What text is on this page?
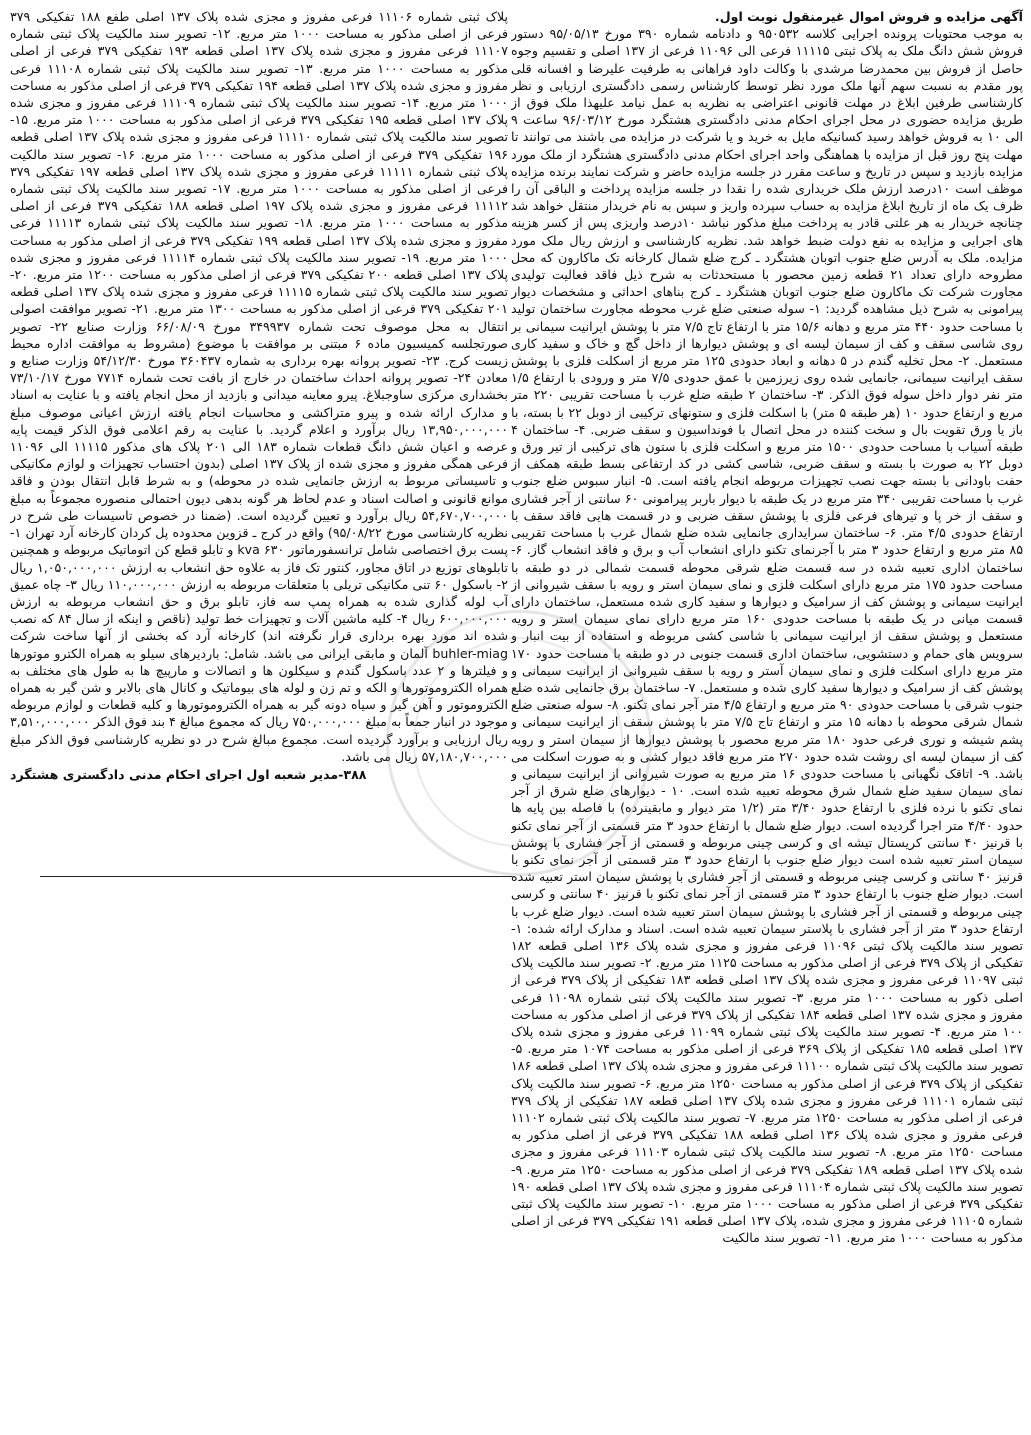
آگهی مزایده و فروش اموال غیرمنقول نوبت اول.
به موجب محتویات پرونده اجرایی کلاسه ۹۵۰۵۳۲ و دادنامه شماره ۳۹۰ مورخ ۹۵/۰۵/۱۳ دستور فروش شش دانگ ملک به پلاک ثبتی ۱۱۱۱۵ فرعی الی ۱۱۰۹۶ فرعی از ۱۳۷ اصلی و تقسیم وجوه حاصل از فروش بین محمدرضا مرشدی با وکالت داود فراهانی به طرفیت علیرضا و افسانه قلی پور مقدم به نسبت سهم آنها ملک مورد نظر توسط کارشناس رسمی دادگستری ارزیابی و نظر کارشناسی طرفین ابلاغ در مهلت قانونی اعتراضی به نظریه به عمل نیامد علیهذا ملک فوق از طریق مزایده حضوری در محل اجرای احکام مدنی دادگستری هشتگرد مورخ ۹۶/۰۳/۱۲ ساعت ۹ الی ۱۰ به فروش خواهد رسید کسانیکه مایل به خرید و یا شرکت در مزایده می باشند می توانند تا مهلت پنج روز قبل از مزایده با هماهنگی واحد اجرای احکام مدنی دادگستری هشتگرد از ملک مورد مزایده بازدید و سپس در تاریخ و ساعت مقرر در جلسه مزایده حاضر و شرکت نمایند برنده مزایده موظف است ۱۰درصد ارزش ملک خریداری شده را نقدا در جلسه مزایده پرداخت و الباقی آن را ظرف یک ماه از تاریخ ابلاغ مزایده به حساب سپرده واریز و سپس به نام خریدار منتقل خواهد شد چنانچه خریدار به هر علتی قادر به پرداخت مبلغ مذکور نباشد ۱۰درصد واریزی پس از کسر هزینه های اجرایی و مزایده به نفع دولت ضبط خواهد شد. نظریه کارشناسی و ارزش ریال ملک مورد مزایده. ملک به آدرس ضلع جنوب اتوبان هشتگرد ـ کرج ضلع شمال کارخانه تک ماکارون که محل مطروحه دارای تعداد ۲۱ قطعه زمین محصور با مستحدثات به شرح ذیل فاقد فعالیت تولیدی مجاورت شرکت تک ماکارون ضلع جنوب اتوبان هشتگرد ـ کرج بناهای احداثی و مشخصات دیوار پیرامونی به شرح ذیل مشاهده گردید: ۱- سوله صنعتی ضلع غرب محوطه مجاورت ساختمان تولید با مساحت حدود ۴۴۰ متر مربع و دهانه ۱۵/۶ متر با ارتفاع تاج ۷/۵ متر با پوشش ایرانیت سیمانی بر روی شاسی سقف و کف از سیمان لیسه ای و پوشش دیوارها از داخل گچ و خاک و سفید کاری مستعمل. ۲- محل تخلیه گندم در ۵ دهانه و ابعاد حدودی ۱۲۵ متر مربع از اسکلت فلزی با پوشش سقف ایرانیت سیمانی، جانمایی شده روی زیرزمین با عمق حدودی ۷/۵ متر و ورودی با ارتفاع ۱/۵ متر نفر دوار داخل سوله فوق الذکر. ۳- ساختمان ۲ طبقه ضلع غرب با مساحت تقریبی ۲۲۰ متر مربع و ارتفاع حدود ۱۰ (هر طبقه ۵ متر) با اسکلت فلزی و ستونهای ترکیبی از دوبل ۲۲ با بسته، با باز یا ورق تقویت بال و سخت کننده در محل اتصال با فونداسیون و سقف ضربی. ۴- ساختمان ۴ طبقه آسیاب با مساحت حدودی ۱۵۰۰ متر مربع و اسکلت فلزی با ستون های ترکیبی از تیر ورق و دوبل ۲۲ به صورت با بسته و سقف ضربی، شاسی کشی در کد ارتفاعی بسط طبقه همکف از حفت باودانی با بسته جهت نصب تجهیزات مربوطه انجام یافته است. ۵- انبار سبوس ضلع جنوب غرب با مساحت تقریبی ۳۴۰ متر مربع در یک طبقه با دیوار باربر پیرامونی ۶۰ سانتی از آجر فشاری و سقف از خر پا و تیرهای فرعی فلزی با پوشش سقف ضربی و در قسمت هایی فاقد سقف با ارتفاع حدودی ۴/۵ متر. ۶- ساختمان سرایداری جانمایی شده ضلع شمال غرب با مساحت تقریبی ۸۵ متر مربع و ارتفاع حدود ۳ متر با آجرنمای تکنو دارای انشعاب آب و برق و فاقد انشعاب گاز. ۶- ساختمان اداری تعبیه شده در سه قسمت ضلع شرقی محوطه قسمت شمالی در دو طبقه با مساحت حدود ۱۷۵ متر مربع دارای اسکلت فلزی و نمای سیمان استر و رویه با سقف شیروانی از ایرانیت سیمانی و پوشش کف از سرامیک و دیوارها و سفید کاری شده مستعمل، ساختمان دارای قسمت میانی در یک طبقه با مساحت حدودی ۱۶۰ متر مربع دارای نمای سیمان استر و رویه مستعمل و پوشش سقف از ایرانیت سیمانی با شاسی کشی مربوطه و استفاده از بیت انبار و سرویس های حمام و دستشویی، ساختمان اداری قسمت جنوبی در دو طبقه با مساحت حدود ۱۷۰ متر مربع دارای اسکلت فلزی و نمای سیمان آستر و رویه با سقف شیروانی از ایرانیت سیمانی و پوشش کف از سرامیک و دیوارها سفید کاری شده و مستعمل. ۷- ساختمان برق جانمایی شده ضلع جنوب شرقی با مساحت حدودی ۹۰ متر مربع و ارتفاع ۴/۵ متر آجر نمای تکنو. ۸- سوله صنعتی ضلع شمال شرقی محوطه با دهانه ۱۵ متر و ارتفاع تاج ۷/۵ متر با پوشش سقف از ایرانیت سیمانی و پشم شیشه و نوری فرعی حدود ۱۸۰ متر مربع محصور با پوشش دیوارها از سیمان استر و رویه کف از سیمان لیسه ای روشت شده حدود ۲۷۰ متر مربع فاقد دیوار کشی و به صورت اسکلت می باشد. ۹- اتاقک نگهبانی با مساحت حدودی ۱۶ متر مربع به صورت شیروانی از ایرانیت سیمانی و نمای سیمان سفید ضلع شمال شرق محوطه تعبیه شده است. ۱۰ - دیوارهای ضلع شرق از آجر نمای تکنو با نرده فلزی با ارتفاع حدود ۳/۴۰ متر (۱/۲ متر دیوار و مابقینرده) با فاصله بین پایه ها حدود ۴/۴۰ متر اجرا گردیده است. دیوار ضلع شمال با ارتفاع حدود ۳ متر قسمتی از آجر نمای تکنو با قرنیز ۴۰ سانتی کریستال تیشه ای و کرسی چینی مربوطه و قسمتی از آجر فشاری با پوشش سیمان استر تعبیه شده است دیوار ضلع جنوب با ارتفاع حدود ۳ متر قسمتی از آجر نمای تکنو با قرنیز ۴۰ سانتی و کرسی چینی مربوطه و قسمتی از آجر فشاری با پوشش سیمان استر تعبیه شده است. دیوار ضلع جنوب با ارتفاع حدود ۳ متر قسمتی از آجر نمای تکنو با قرنیز ۴۰ سانتی و کرسی چینی مربوطه و قسمتی از آجر فشاری با پوشش سیمان استر تعبیه شده است. دیوار ضلع غرب با ارتفاع حدود ۳ متر از آجر فشاری با پلاستر سیمان تعبیه شده است. اسناد و مدارک ارائه شده: ۱- تصویر سند مالکیت پلاک ثبتی ۱۱۰۹۶ فرعی مفروز و مجزی شده پلاک ۱۳۶ اصلی قطعه ۱۸۲ تفکیکی از پلاک ۳۷۹ فرعی از اصلی مذکور به مساحت ۱۱۲۵ متر مربع. ۲- تصویر سند مالکیت پلاک ثبتی ۱۱۰۹۷ فرعی مفروز و مجزی شده پلاک ۱۳۷ اصلی قطعه ۱۸۳ تفکیکی از پلاک ۳۷۹ فرعی از اصلی ذکور به مساحت ۱۰۰۰ متر مربع. ۳- تصویر سند مالکیت پلاک ثبتی شماره ۱۱۰۹۸ فرعی مفروز و مجزی شده ۱۳۷ اصلی قطعه ۱۸۴ تفکیکی از پلاک ۳۷۹ فرعی از اصلی مذکور به مساحت ۱۰۰ متر مربع. ۴- تصویر سند مالکیت پلاک ثبتی شماره ۱۱۰۹۹ فرعی مفروز و مجزی شده پلاک ۱۳۷ اصلی قطعه ۱۸۵ تفکیکی از پلاک ۳۶۹ فرعی از اصلی مذکور به مساحت ۱۰۷۴ متر مربع. ۵- تصویر سند مالکیت پلاک ثبتی شماره ۱۱۱۰۰ فرعی مفروز و مجزی شده پلاک ۱۳۷ اصلی قطعه ۱۸۶ تفکیکی از پلاک ۳۷۹ فرعی از اصلی مذکور به مساحت ۱۲۵۰ متر مربع. ۶- تصویر سند مالکیت پلاک ثبتی شماره ۱۱۱۰۱ فرعی مفروز و مجزی شده پلاک ۱۳۷ اصلی قطعه ۱۸۷ تفکیکی از پلاک ۳۷۹ فرعی از اصلی مذکور به مساحت ۱۲۵۰ متر مربع. ۷- تصویر سند مالکیت پلاک ثبتی شماره ۱۱۱۰۲ فرعی مفروز و مجزی شده پلاک ۱۳۶ اصلی قطعه ۱۸۸ تفکیکی ۳۷۹ فرعی از اصلی مذکور به مساحت ۱۲۵۰ متر مربع. ۸- تصویر سند مالکیت پلاک ثبتی شماره ۱۱۱۰۳ فرعی مفروز و مجزی شده پلاک ۱۳۷ اصلی قطعه ۱۸۹ تفکیکی ۳۷۹ فرعی از اصلی مذکور به مساحت ۱۲۵۰ متر مربع. ۹- تصویر سند مالکیت پلاک ثبتی شماره ۱۱۱۰۴ فرعی مفروز و مجزی شده پلاک ۱۳۷ اصلی قطعه ۱۹۰ تفکیکی ۳۷۹ فرعی از اصلی مذکور به مساحت ۱۰۰۰ متر مربع. ۱۰- تصویر سند مالکیت پلاک ثبتی شماره ۱۱۱۰۵ فرعی مفروز و مجزی شده، پلاک ۱۳۷ اصلی قطعه ۱۹۱ تفکیکی ۳۷۹ فرعی از اصلی مذکور به مساحت ۱۰۰۰ متر مربع. ۱۱- تصویر سند مالکیت
پلاک ثبتی شماره ۱۱۱۰۶ فرعی مفروز و مجزی شده پلاک ۱۳۷ اصلی طفع ۱۸۸ تفکیکی ۳۷۹ فرعی از اصلی مذکور به مساحت ۱۰۰۰ متر مربع. ۱۲- تصویر سند مالکیت پلاک ثبتی شماره ۱۱۱۰۷ فرعی مفروز و مجزی شده پلاک ۱۳۷ اصلی قطعه ۱۹۳ تفکیکی ۳۷۹ فرعی از اصلی مذکور به مساحت ۱۰۰۰ متر مربع. ۱۳- تصویر سند مالکیت پلاک ثبتی شماره ۱۱۱۰۸ فرعی مفروز و مجزی شده پلاک ۱۳۷ اصلی قطعه ۱۹۴ تفکیکی ۳۷۹ فرعی از اصلی مذکور به مساحت ۱۰۰۰ متر مربع. ۱۴- تصویر سند مالکیت پلاک ثبتی شماره ۱۱۱۰۹ فرعی مفروز و مجزی شده پلاک ۱۳۷ اصلی قطعه ۱۹۵ تفکیکی ۳۷۹ فرعی از اصلی مذکور به مساحت ۱۰۰۰ متر مربع. ۱۵- تصویر سند مالکیت پلاک ثبتی شماره ۱۱۱۱۰ فرعی مفروز و مجزی شده پلاک ۱۳۷ اصلی قطعه ۱۹۶ تفکیکی ۳۷۹ فرعی از اصلی مذکور به مساحت ۱۰۰۰ متر مربع. ۱۶- تصویر سند مالکیت پلاک ثبتی شماره ۱۱۱۱۱ فرعی مفروز و مجزی شده پلاک ۱۳۷ اصلی قطعه ۱۹۷ تفکیکی ۳۷۹ فرعی از اصلی مذکور به مساحت ۱۰۰۰ متر مربع. ۱۷- تصویر سند مالکیت پلاک ثبتی شماره ۱۱۱۱۲ فرعی مفروز و مجزی شده پلاک ۱۹۷ اصلی قطعه ۱۸۸ تفکیکی ۳۷۹ فرعی از اصلی مذکور به مساحت ۱۰۰۰ متر مربع. ۱۸- تصویر سند مالکیت پلاک ثبتی شماره ۱۱۱۱۳ فرعی مفروز و مجزی شده پلاک ۱۳۷ اصلی قطعه ۱۹۹ تفکیکی ۳۷۹ فرعی از اصلی مذکور به مساحت ۱۰۰۰ متر مربع. ۱۹- تصویر سند مالکیت پلاک ثبتی شماره ۱۱۱۱۴ فرعی مفروز و مجزی شده پلاک ۱۳۷ اصلی قطعه ۲۰۰ تفکیکی ۳۷۹ فرعی از اصلی مذکور به مساحت ۱۲۰۰ متر مربع. ۲۰- تصویر سند مالکیت پلاک ثبتی شماره ۱۱۱۱۵ فرعی مفروز و مجزی شده پلاک ۱۳۷ اصلی قطعه ۲۰۱ تفکیکی ۳۷۹ فرعی از اصلی مذکور به مساحت ۱۳۰۰ متر مربع. ۲۱- تصویر موافقت اصولی انتقال به محل موصوف تحت شماره ۳۴۹۹۳۷ مورخ ۶۶/۰۸/۰۹ وزارت صنایع ۲۲- تصویر صورتجلسه کمیسیون ماده ۶ مبتنی بر موافقت با موضوع (مشروط به موافقت اداره محیط زیست کرج. ۲۳- تصویر پروانه بهره برداری به شماره ۳۶۰۴۳۷ مورخ ۵۴/۱۲/۳۰ وزارت صنایع و معادن ۲۴- تصویر پروانه احداث ساختمان در خارج از بافت تحت شماره ۷۷۱۴ مورخ ۷۳/۱۰/۱۷ بخشداری مرکزی ساوجبلاغ. پیرو معاینه میدانی و بازدید از محل انجام یافته و با عنایت به اسناد و مدارک ارائه شده و پیرو متراکشی و محاسبات انجام یافته ارزش اعیانی موصوف مبلغ ۱۳,۹۵۰,۰۰۰,۰۰۰ ریال برآورد و اعلام گردید. با عنایت به رقم اعلامی فوق الذکر قیمت پایه عرصه و اعیان شش دانگ قطعات شماره ۱۸۳ الی ۲۰۱ پلاک های مذکور ۱۱۱۱۵ الی ۱۱۰۹۶ فرعی همگی مفروز و مجزی شده از پلاک ۱۳۷ اصلی (بدون احتساب تجهیزات و لوازم مکانیکی و تاسیساتی مربوط به ارزش جانمایی شده در محوطه) و به شرط قابل انتقال بودن و فاقد موانع قانونی و اصالت اسناد و عدم لحاظ هر گونه بدهی دیون احتمالی منصوره مجموعاً به مبلغ ۵۴,۶۷۰,۷۰۰,۰۰۰ ریال برآورد و تعیین گردیده است. (ضمنا در خصوص تاسیسات طی شرح در نظریه کارشناسی مورخ ۹۵/۰۸/۲۲) واقع در کرج ـ قزوین محدوده پل کردان کارخانه آرد تهران ۱- پست برق اختصاصی شامل ترانسفورماتور ۶۳۰ kva و تابلو قطع کن اتوماتیک مربوطه و همچنین تابلوهای توزیع در اتاق مجاور، کنتور تک فاز به علاوه حق انشعاب به ارزش ۱,۰۵۰,۰۰۰,۰۰۰ ریال ۲- باسکول ۶۰ تنی مکانیکی تریلی با متعلقات مربوطه به ارزش ۱۱۰,۰۰۰,۰۰۰ ریال ۳- چاه عمیق آب لوله گذاری شده به همراه پمپ سه فاز، تابلو برق و حق انشعاب مربوطه به ارزش ۶۰۰,۰۰۰,۰۰۰ ریال ۴- کلیه ماشین آلات و تجهیزات خط تولید (ناقص و اینکه از سال ۸۴ که نصب شده اند مورد بهره برداری قرار نگرفته اند) کارخانه آرد که بخشی از آنها ساخت شرکت buhler-miag آلمان و مابقی ایرانی می باشد. شامل: باردیرهای سیلو به همراه الکترو موتورها و فیلترها و ۲ عدد باسکول گندم و سیکلون ها و اتصالات و مارپیچ ها به طول های مختلف به همراه الکتروموتورها و الکه و تم زن و لوله های بیوماتیک و کانال های بالابر و شن گیر به همراه الکتروموتور و آهن گیر و سیاه دونه گیر به همراه الکتروموتورها و کلیه قطعات و لوازم مربوطه موجود در انبار جمعاً به مبلغ ۷۵۰,۰۰۰,۰۰۰ ریال که مجموع مبالغ ۴ بند فوق الذکر ۳,۵۱۰,۰۰۰,۰۰۰ ریال ارزیابی و برآورد گردیده است. مجموع مبالغ شرح در دو نظریه کارشناسی فوق الذکر مبلغ ۵۷,۱۸۰,۷۰۰,۰۰۰ ریال می باشد.
۳۸۸-مدیر شعبه اول اجرای احکام مدنی دادگستری هشتگرد
